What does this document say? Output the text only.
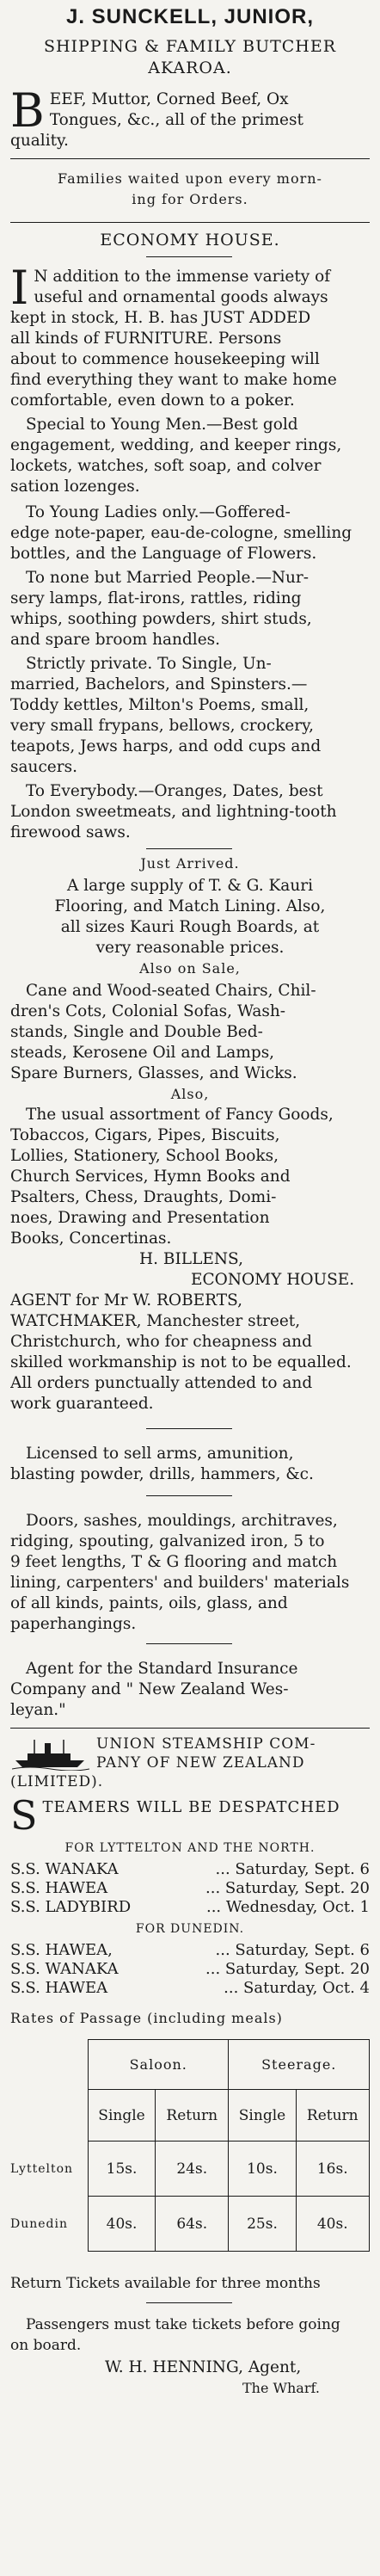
J. SUNCKELL, JUNIOR,
SHIPPING & FAMILY BUTCHER
AKAROA.
B EEF, Muttor, Corned Beef, Ox
Tongues, &c., all of the primest
quality.
Families waited upon every morn-
ing for Orders.
ECONOMY HOUSE.
I N addition to the immense variety of
useful and ornamental goods always
kept in stock, H. B. has JUST ADDED
all kinds of FURNITURE. Persons
about to commence housekeeping will
find everything they want to make home
comfortable, even down to a poker.
Special to Young Men.—Best gold
engagement, wedding, and keeper rings,
lockets, watches, soft soap, and colver
sation lozenges.
To Young Ladies only.—Goffered-
edge note-paper, eau-de-cologne, smelling
bottles, and the Language of Flowers.
To none but Married People.—Nur-
sery lamps, flat-irons, rattles, riding
whips, soothing powders, shirt studs,
and spare broom handles.
Strictly private. To Single, Un-
married, Bachelors, and Spinsters.—
Toddy kettles, Milton's Poems, small,
very small frypans, bellows, crockery,
teapots, Jews harps, and odd cups and
saucers.
To Everybody.—Oranges, Dates, best
London sweetmeats, and lightning-tooth
firewood saws.
Just Arrived.
A large supply of T. & G. Kauri
Flooring, and Match Lining. Also,
all sizes Kauri Rough Boards, at
very reasonable prices.
Also on Sale,
Cane and Wood-seated Chairs, Chil-
dren's Cots, Colonial Sofas, Wash-
stands, Single and Double Bed-
steads, Kerosene Oil and Lamps,
Spare Burners, Glasses, and Wicks.
Also,
The usual assortment of Fancy Goods,
Tobaccos, Cigars, Pipes, Biscuits,
Lollies, Stationery, School Books,
Church Services, Hymn Books and
Psalters, Chess, Draughts, Domi-
noes, Drawing and Presentation
Books, Concertinas.
H. BILLENS,
ECONOMY HOUSE.
AGENT for Mr W. ROBERTS,
WATCHMAKER, Manchester street,
Christchurch, who for cheapness and
skilled workmanship is not to be equalled.
All orders punctually attended to and
work guaranteed.
Licensed to sell arms, amunition,
blasting powder, drills, hammers, &c.
Doors, sashes, mouldings, architraves,
ridging, spouting, galvanized iron, 5 to
9 feet lengths, T & G flooring and match
lining, carpenters' and builders' materials
of all kinds, paints, oils, glass, and
paperhangings.
Agent for the Standard Insurance
Company and " New Zealand Wes-
leyan."
UNION STEAMSHIP COM-
PANY OF NEW ZEALAND
(LIMITED).
S TEAMERS WILL BE DESPATCHED
FOR LYTTELTON AND THE NORTH.
S.S. WANAKA	... Saturday, Sept. 6
S.S. HAWEA	... Saturday, Sept. 20
S.S. LADYBIRD	... Wednesday, Oct. 1
FOR DUNEDIN.
S.S. HAWEA,	... Saturday, Sept. 6
S.S. WANAKA	... Saturday, Sept. 20
S.S. HAWEA	... Saturday, Oct. 4
Rates of Passage (including meals)
	Saloon.		Steerage.	
	Single	Return	Single	Return
Lyttelton	15s.	24s.	10s.	16s.
Dunedin	40s.	64s.	25s.	40s.
Return Tickets available for three months
Passengers must take tickets before going
on board.
W. H. HENNING, Agent,
The Wharf.
